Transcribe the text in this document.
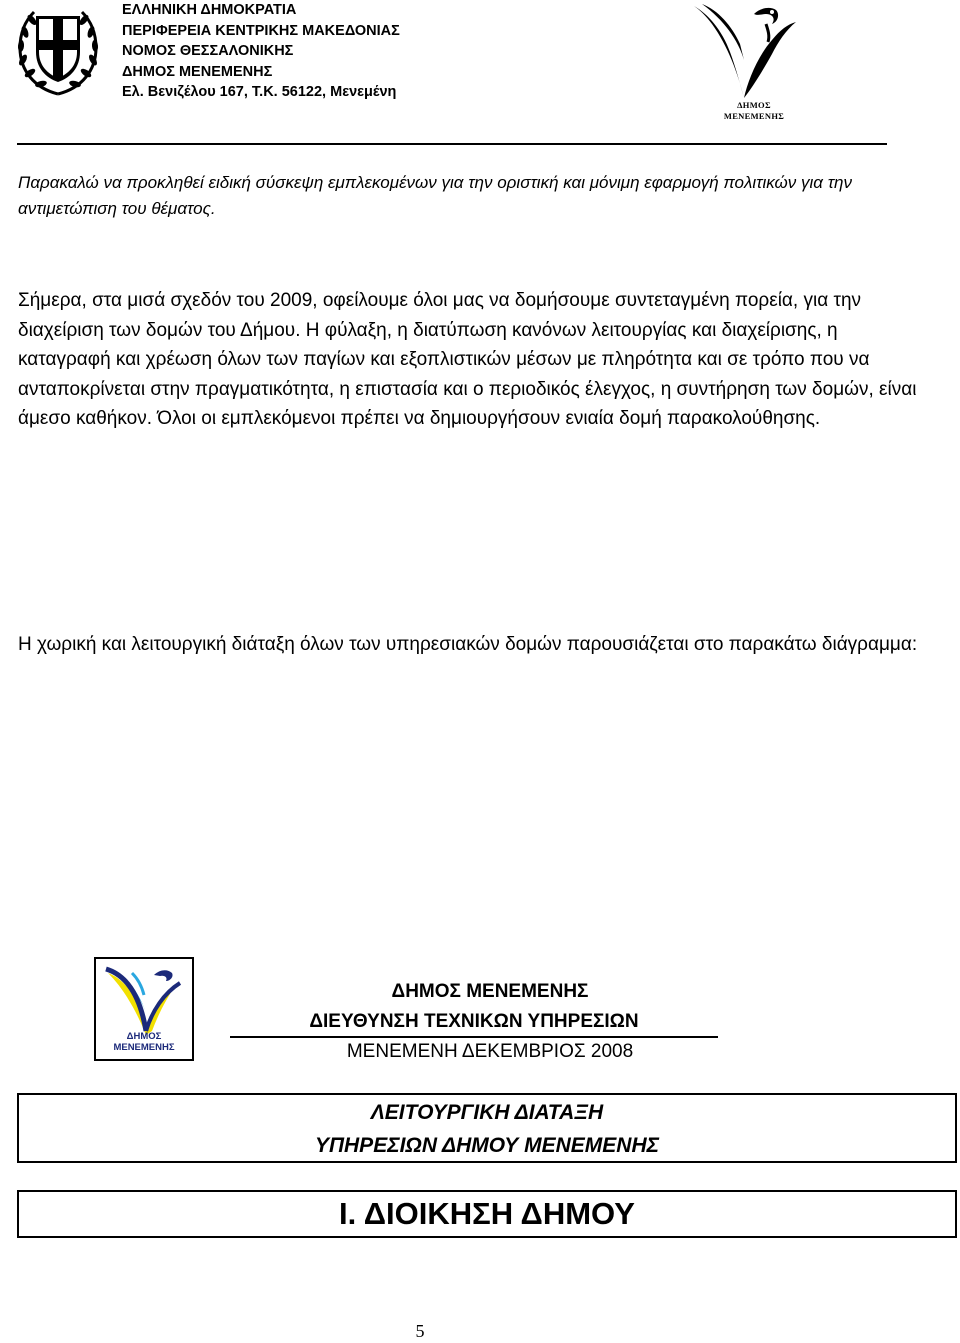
ΕΛΛΗΝΙΚΗ ΔΗΜΟΚΡΑΤΙΑ
ΠΕΡΙΦΕΡΕΙΑ ΚΕΝΤΡΙΚΗΣ ΜΑΚΕΔΟΝΙΑΣ
ΝΟΜΟΣ ΘΕΣΣΑΛΟΝΙΚΗΣ
ΔΗΜΟΣ ΜΕΝΕΜΕΝΗΣ
Ελ. Βενιζέλου 167, Τ.Κ. 56122, Μενεμένη
ΔΗΜΟΣ
ΜΕΝΕΜΕΝΗΣ
Παρακαλώ να προκληθεί ειδική σύσκεψη εμπλεκομένων για την οριστική και μόνιμη εφαρμογή πολιτικών για την αντιμετώπιση του θέματος.
Σήμερα, στα μισά σχεδόν του 2009, οφείλουμε όλοι μας να δομήσουμε συντεταγμένη πορεία, για την διαχείριση των δομών του Δήμου. Η φύλαξη, η διατύπωση κανόνων λειτουργίας και διαχείρισης, η καταγραφή και χρέωση όλων των παγίων και εξοπλιστικών μέσων με πληρότητα και σε τρόπο που να ανταποκρίνεται στην πραγματικότητα, η επιστασία και ο περιοδικός έλεγχος, η συντήρηση των δομών, είναι άμεσο καθήκον. Όλοι οι εμπλεκόμενοι πρέπει να δημιουργήσουν ενιαία δομή παρακολούθησης.
Η χωρική και λειτουργική διάταξη όλων των υπηρεσιακών δομών παρουσιάζεται στο παρακάτω διάγραμμα:
ΔΗΜΟΣ
ΜΕΝΕΜΕΝΗΣ
ΔΗΜΟΣ ΜΕΝΕΜΕΝΗΣ
ΔΙΕΥΘΥΝΣΗ ΤΕΧΝΙΚΩΝ ΥΠΗΡΕΣΙΩΝ
ΜΕΝΕΜΕΝΗ ΔΕΚΕΜΒΡΙΟΣ 2008
ΛΕΙΤΟΥΡΓΙΚΗ ΔΙΑΤΑΞΗ
ΥΠΗΡΕΣΙΩΝ ΔΗΜΟΥ ΜΕΝΕΜΕΝΗΣ
Ι. ΔΙΟΙΚΗΣΗ ΔΗΜΟΥ
5
